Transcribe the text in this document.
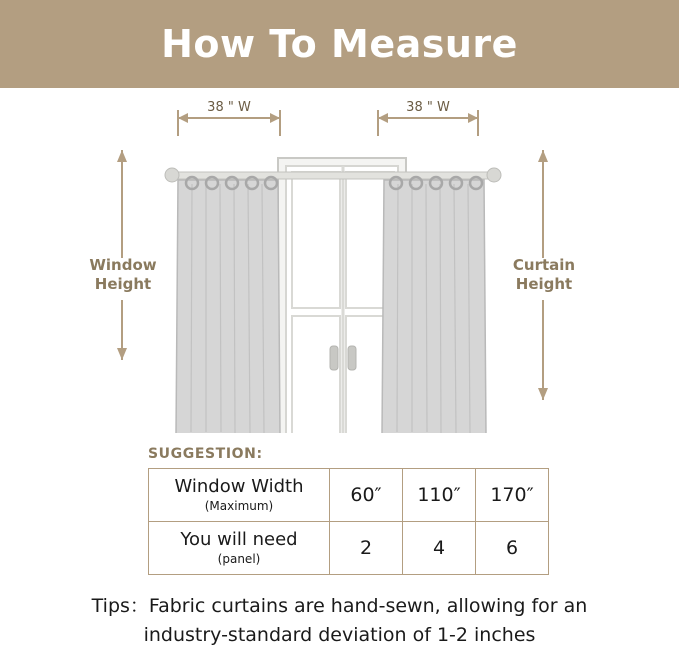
How To Measure
38 " W	38 " W
Window
Height
Curtain
Height
SUGGESTION:
Window Width
(Maximum)	60″	110″	170″

You will need
(panel)	2	4	6
Tips：Fabric curtains are hand-sewn, allowing for an
industry-standard deviation of 1-2 inches
